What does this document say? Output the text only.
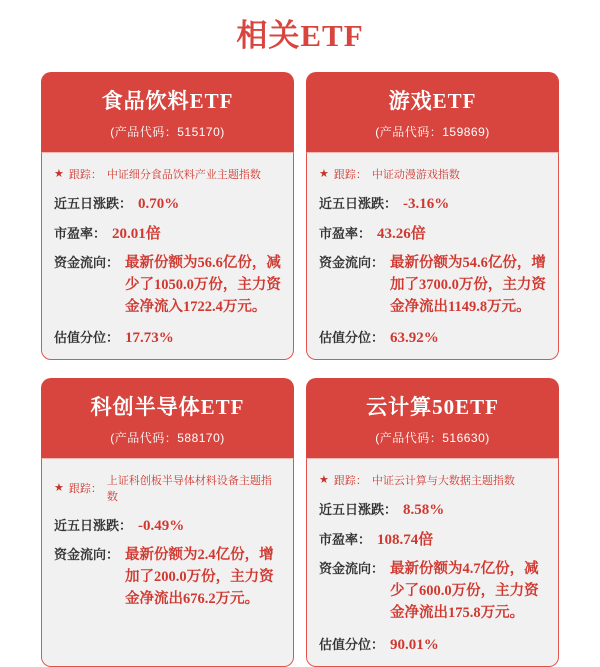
相关ETF
食品饮料ETF
(产品代码：515170)
★ 跟踪： 中证细分食品饮料产业主题指数
近五日涨跌： 0.70%
市盈率： 20.01倍
资金流向： 最新份额为56.6亿份，减少了1050.0万份，主力资金净流入1722.4万元。
估值分位： 17.73%
游戏ETF
(产品代码：159869)
★ 跟踪： 中证动漫游戏指数
近五日涨跌： -3.16%
市盈率： 43.26倍
资金流向： 最新份额为54.6亿份，增加了3700.0万份，主力资金净流出1149.8万元。
估值分位： 63.92%
科创半导体ETF
(产品代码：588170)
★ 跟踪：
上证科创板半导体材料设备主题指数
近五日涨跌： -0.49%
资金流向： 最新份额为2.4亿份，增加了200.0万份，主力资金净流出676.2万元。
云计算50ETF
(产品代码：516630)
★ 跟踪： 中证云计算与大数据主题指数
近五日涨跌： 8.58%
市盈率： 108.74倍
资金流向： 最新份额为4.7亿份，减少了600.0万份，主力资金净流出175.8万元。
估值分位： 90.01%
